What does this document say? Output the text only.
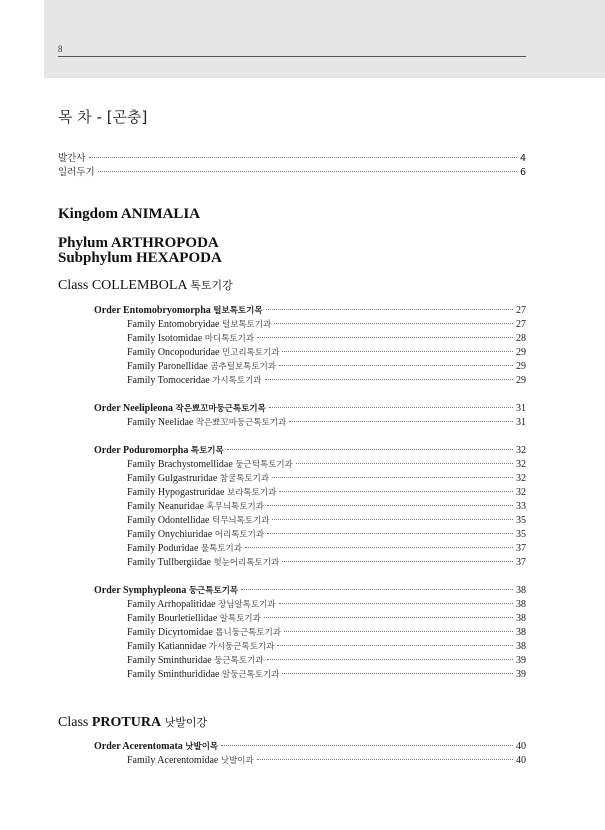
8
목 차 - [곤충]
발간사	4
일러두기	6
Kingdom ANIMALIA
Phylum ARTHROPODA
Subphylum HEXAPODA
Class COLLEMBOLA 톡토기강
Order Entomobryomorpha 털보톡토기목	27
Family Entomobryidae 털보톡토기과	27
Family Isotomidae 마디톡토기과	28
Family Oncopoduridae 민고리톡토기과	29
Family Paronellidae 곰추털보톡토기과	29
Family Tomoceridae 가시톡토기과	29
Order Neelipleona 작은뾰꼬마둥근톡토기목	31
Family Neelidae 작은뾰꼬마둥근톡토기과	31
Order Poduromorpha 톡토기목	32
Family Brachystomellidae 둥근턱톡토기과	32
Family Gulgastruridae 참굴톡토기과	32
Family Hypogastruridae 보라톡토기과	32
Family Neanuridae 혹무늬톡토기과	33
Family Odontellidae 틱무늬톡토기과	35
Family Onychiuridae 어리톡토기과	35
Family Poduridae 물톡토기과	37
Family Tullbergiidae 헛눈어리톡토기과	37
Order Symphypleona 둥근톡토기목	38
Family Arrhopalitidae 장님알톡토기과	38
Family Bourletiellidae 알톡토기과	38
Family Dicyrtomidae 톱니둥근톡토기과	38
Family Katiannidae 가시둥근톡토기과	38
Family Sminthuridae 둥근톡토기과	39
Family Sminthurididae 알둥근톡토기과	39
Class PROTURA 낫발이강
Order Acerentomata 낫발이목	40
Family Acerentomidae 낫발이과	40
